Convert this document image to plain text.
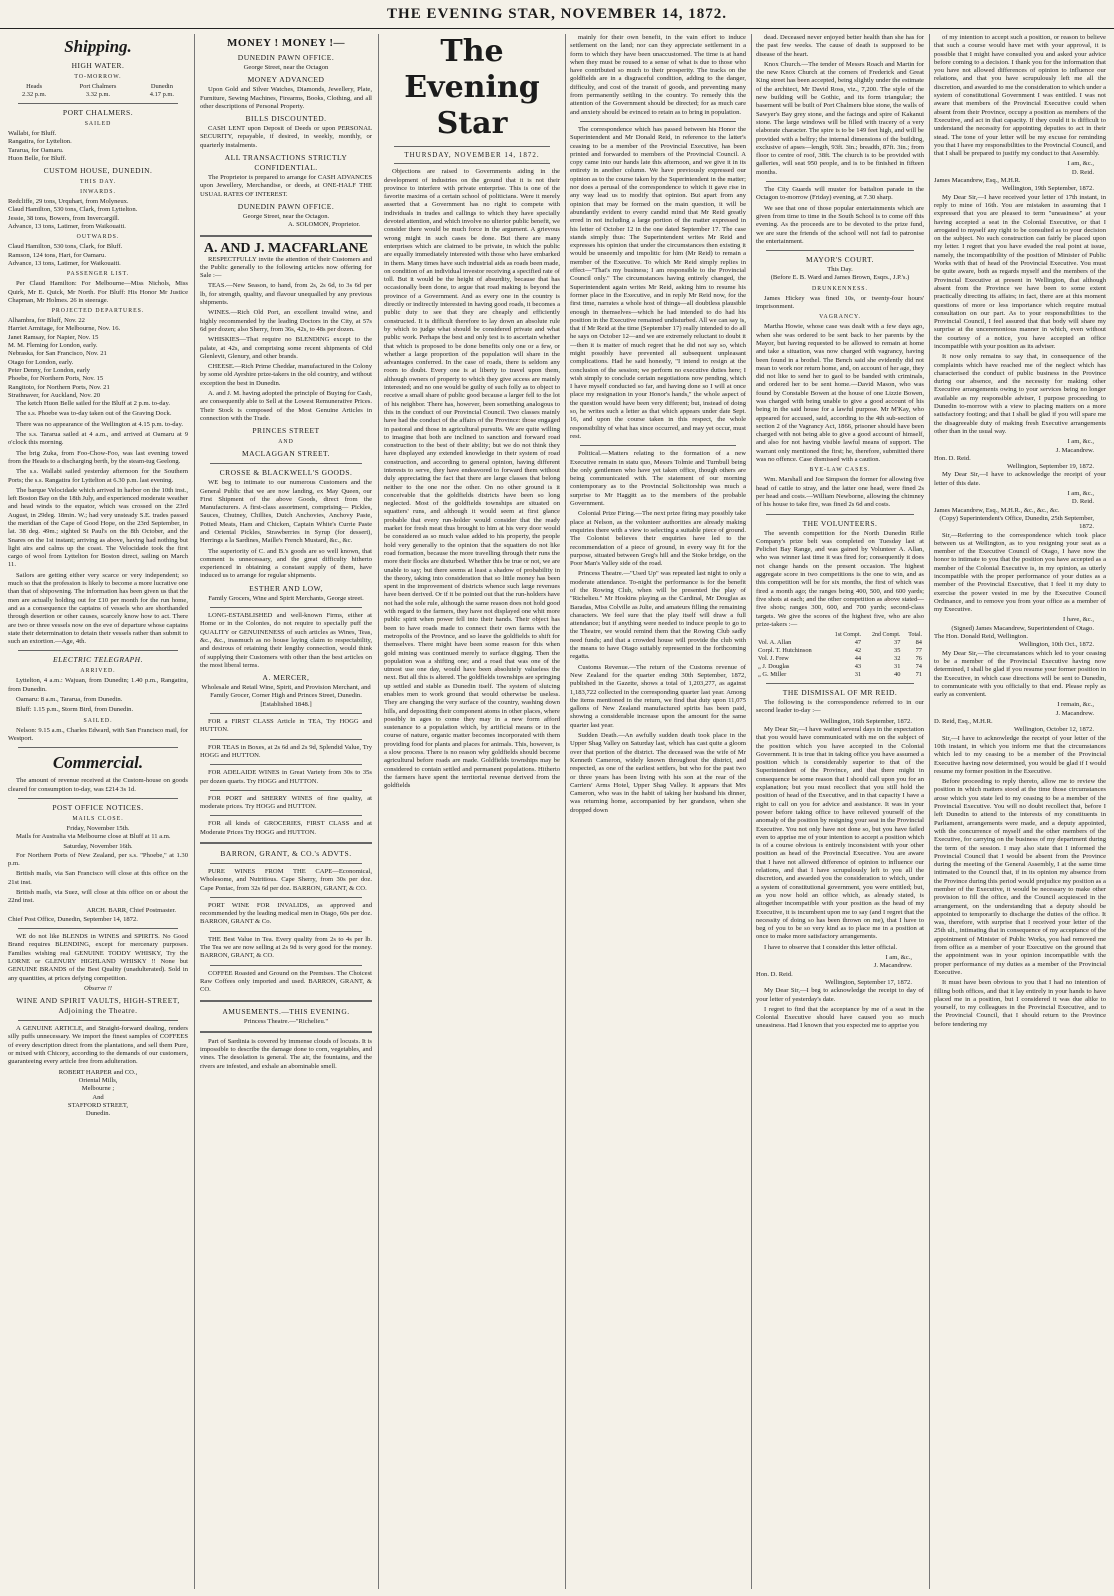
THE EVENING STAR, NOVEMBER 14, 1872.
Shipping.
HIGH WATER.
TO-MORROW.
Heads	Port Chalmers	Dunedin
2.32 p.m.	3.32 p.m.	4.17 p.m.
PORT CHALMERS.
SAILED
Wallabi, for Bluff.
Rangatira, for Lyttelton.
Tararua, for Oamaru.
Huon Belle, for Bluff.
CUSTOM HOUSE, DUNEDIN.
THIS DAY.
INWARDS.
Redcliffe, 29 tons, Urquhart, from Molyneux.
Claud Hamilton, 530 tons, Clark, from Lyttelton.
Jessie, 38 tons, Bowers, from Invercargill.
Advance, 13 tons, Latimer, from Waikouaiti.
OUTWARDS.
Claud Hamilton, 530 tons, Clark, for Bluff.
Ramson, 124 tons, Hart, for Oamaru.
Advance, 13 tons, Latimer, for Waikouaiti.
PASSENGER LIST.

Per Claud Hamilton: For Melbourne—Miss Nichols, Miss Quirk, Mr E. Quick, Mr North. For Bluff: His Honor Mr Justice Chapman, Mr Holmes. 26 in steerage.

PROJECTED DEPARTURES.
Alhambra, for Bluff, Nov. 22
Harriet Armitage, for Melbourne, Nov. 16.
Janet Ramsay, for Napier, Nov. 15
M. M. Fleming for London, early.
Nebraska, for San Francisco, Nov. 21
Otago for London, early.
Peter Denny, for London, early
Phoebe, for Northern Ports, Nov. 15
Rangitoto, for Northern Ports, Nov. 21
Strathnaver, for Auckland, Nov. 20

The ketch Huon Belle sailed for the Bluff at 2 p.m. to-day.

The s.s. Phoebe was to-day taken out of the Graving Dock.

There was no appearance of the Wellington at 4.15 p.m. to-day.

The s.s. Tararua sailed at 4 a.m., and arrived at Oamaru at 9 o'clock this morning.

The brig Zuka, from Foo-Chow-Foo, was last evening towed from the Heads to a discharging berth, by the steam-tug Geelong.

The s.s. Wallabi sailed yesterday afternoon for the Southern Ports; the s.s. Rangatira for Lyttelton at 6.30 p.m. last evening.

The barque Velocidade which arrived in harbor on the 10th inst., left Boston Bay on the 18th July, and experienced moderate weather and head winds to the equator, which was crossed on the 23rd August, in 29deg. 18min. W.; had very unsteady S.E. trades passed the meridian of the Cape of Good Hope, on the 23rd September, in lat. 38 deg. 49m.; sighted St Paul's on the 8th October, and the Snares on the 1st instant; arriving as above, having had nothing but light airs and calms up the coast. The Velocidade took the first cargo of wool from Lyttelton for Boston direct, sailing on March 11.

Sailors are getting either very scarce or very independent; so much so that the profession is likely to become a more lucrative one than that of shipowning. The information has been given us that the men are actually holding out for £10 per month for the run home, and as a consequence the captains of vessels who are shorthanded through desertion or other causes, scarcely know how to act. There are two or three vessels now on the eve of departure whose captains state their determination to detain their vessels rather than submit to such an extortion.—Age, 4th.

ELECTRIC TELEGRAPH.
ARRIVED.

Lyttelton, 4 a.m.: Wajuan, from Dunedin; 1.40 p.m., Rangatira, from Dunedin.

Oamaru: 8 a.m., Tararua, from Dunedin.

Bluff: 1.15 p.m., Storm Bird, from Dunedin.

SAILED.

Nelson: 9.15 a.m., Charles Edward, with San Francisco mail, for Westport.

Commercial.

The amount of revenue received at the Custom-house on goods cleared for consumption to-day, was £214 3s 1d.

POST OFFICE NOTICES.
MAILS CLOSE.
Friday, November 15th.

Mails for Australia via Melbourne close at Bluff at 11 a.m.

Saturday, November 16th.

For Northern Ports of New Zealand, per s.s. "Phoebe," at 1.30 p.m.

British mails, via San Francisco will close at this office on the 21st inst.

British mails, via Suez, will close at this office on or about the 22nd inst.

ARCH. BARR, Chief Postmaster.
Chief Post Office, Dunedin, September 14, 1872.

WE do not like BLENDS in WINES and SPIRITS. No Good Brand requires BLENDING, except for mercenary purposes. Families wishing real GENUINE TODDY WHISKY, Try the LORNE or GLENURY HIGHLAND WHISKY !! None but GENUINE BRANDS of the Best Quality (unadulterated). Sold in any quantities, at prices defying competition.

Observe !!
WINE AND SPIRIT VAULTS, HIGH-STREET, Adjoining the Theatre.

A GENUINE ARTICLE, and Straight-forward dealing, renders silly puffs unnecessary. We import the finest samples of COFFEES of every description direct from the plantations, and sell them Pure, or mixed with Chicory, according to the demands of our customers, guaranteeing every article free from adulteration.

ROBERT HARPER and CO.,
Oriental Mills,
Melbourne ;
And
STAFFORD STREET,
Dunedin.
MONEY ! MONEY !—
DUNEDIN PAWN OFFICE.
George Street, near the Octagon
MONEY ADVANCED

Upon Gold and Silver Watches, Diamonds, Jewellery, Plate, Furniture, Sewing Machines, Firearms, Books, Clothing, and all other descriptions of Personal Property.

BILLS DISCOUNTED.

CASH LENT upon Deposit of Deeds or upon PERSONAL SECURITY, repayable, if desired, in weekly, monthly, or quarterly instalments.

ALL TRANSACTIONS STRICTLY CONFIDENTIAL.

The Proprietor is prepared to arrange for CASH ADVANCES upon Jewellery, Merchandise, or deeds, at ONE-HALF THE USUAL RATES OF INTEREST.

DUNEDIN PAWN OFFICE.
George Street, near the Octagon.
A. SOLOMON, Proprietor.
A. AND J. MACFARLANE

RESPECTFULLY invite the attention of their Customers and the Public generally to the following articles now offering for Sale :—

TEAS.—New Season, to hand, from 2s, 2s 6d, to 3s 6d per lb, for strength, quality, and flavour unequalled by any previous shipments.

WINES.—Rich Old Port, an excellent invalid wine, and highly recommended by the leading Doctors in the City, at 57s 6d per dozen; also Sherry, from 36s, 42s, to 48s per dozen.

WHISKIES—That require no BLENDING except to the palate, at 42s, and comprising some recent shipments of Old Glenlevit, Glenury, and other brands.

CHEESE.—Rich Prime Cheddar, manufactured in the Colony by some old Ayrshire prize-takers in the old country, and without exception the best in Dunedin.

A. and J. M. having adopted the principle of Buying for Cash, are consequently able to Sell at the Lowest Remunerative Prices. Their Stock is composed of the Most Genuine Articles in connection with the Trade.

PRINCES STREET
AND
MACLAGGAN STREET.
CROSSE & BLACKWELL'S GOODS.

WE beg to intimate to our numerous Customers and the General Public that we are now landing, ex May Queen, our First Shipment of the above Goods, direct from the Manufacturers. A first-class assortment, comprising— Pickles, Sauces, Chutney, Chillies, Dutch Anchovies, Anchovy Paste, Potted Meats, Ham and Chicken, Captain White's Currie Paste and Oriental Pickles, Strawberries in Syrup (for dessert), Herrings a la Sardines, Maille's French Mustard, &c., &c.

The superiority of C. and B.'s goods are so well known, that comment is unnecessary, and the great difficulty hitherto experienced in obtaining a constant supply of them, have induced us to arrange for regular shipments.

ESTHER AND LOW,
Family Grocers, Wine and Spirit Merchants, George street.

LONG-ESTABLISHED and well-known Firms, either at Home or in the Colonies, do not require to specially puff the QUALITY or GENUINENESS of such articles as Wines, Teas, &c., &c., inasmuch as no house laying claim to respectability, and desirous of retaining their lengthy connection, would think of supplying their Customers with other than the best articles on the most liberal terms.

A. MERCER,
Wholesale and Retail Wine, Spirit, and Provision Merchant, and Family Grocer, Corner High and Princes Street, Dunedin.
[Established 1848.]

FOR a FIRST CLASS Article in TEA, Try HOGG and HUTTON.

FOR TEAS in Boxes, at 2s 6d and 2s 9d, Splendid Value, Try HOGG and HUTTON.

FOR ADELAIDE WINES in Great Variety from 30s to 35s per dozen quarts. Try HOGG and HUTTON.

FOR PORT and SHERRY WINES of fine quality, at moderate prices. Try HOGG and HUTTON.

FOR all kinds of GROCERIES, FIRST CLASS and at Moderate Prices Try HOGG and HUTTON.

BARRON, GRANT, & CO.'s ADVTS.

PURE WINES FROM THE CAPE—Economical, Wholesome, and Nutritious. Cape Sherry, from 30s per doz. Cape Pontac, from 32s 6d per doz. BARRON, GRANT, & CO.

PORT WINE FOR INVALIDS, as approved and recommended by the leading medical men in Otago, 60s per doz. BARRON, GRANT & Co.

THE Best Value in Tea. Every quality from 2s to 4s per lb. The Tea we are now selling at 2s 9d is very good for the money. BARRON, GRANT, & CO.

COFFEE Roasted and Ground on the Premises. The Choicest Raw Coffees only imported and used. BARRON, GRANT, & CO.

AMUSEMENTS.—THIS EVENING.
Princess Theatre.—"Richelieu."

Part of Sardinia is covered by immense clouds of locusts. It is impossible to describe the damage done to corn, vegetables, and vines. The desolation is general. The air, the fountains, and the rivers are infested, and exhale an abominable smell.

The Evening Star
THURSDAY, NOVEMBER 14, 1872.

Objections are raised to Governments aiding in the development of industries on the ground that it is not their province to interfere with private enterprise. This is one of the favorite maxims of a certain school of politicians. Were it merely asserted that a Government has no right to compete with individuals in trades and callings to which they have specially devoted attention, and which involve no ulterior public benefit, we consider there would be much force in the argument. A grievous wrong might in such cases be done. But there are many enterprises which are claimed to be private, in which the public are equally immediately interested with those who have embarked in them. Many times have such industrial aids as roads been made, on condition of an individual investor receiving a specified rate of toll. But it would be the height of absurdity, because that has occasionally been done, to argue that road making is beyond the province of a Government. And as every one in the country is directly or indirectly interested in having good roads, it becomes a public duty to see that they are cheaply and efficiently constructed. It is difficult therefore to lay down an absolute rule by which to judge what should be considered private and what public work. Perhaps the best and only test is to ascertain whether that which is proposed to be done benefits only one or a few, or whether a large proportion of the population will share in the advantages conferred. In the case of roads, there is seldom any room to doubt. Every one is at liberty to travel upon them, although owners of property to which they give access are mainly interested; and no one would be guilty of such folly as to object to receive a small share of public good because a larger fell to the lot of his neighbor. There has, however, been something analogous to this in the conduct of our Provincial Council. Two classes mainly have had the conduct of the affairs of the Province: those engaged in pastoral and those in agricultural pursuits. We are quite willing to imagine that both are inclined to sanction and forward road construction to the best of their ability; but we do not think they have displayed any extended knowledge in their system of road construction, and according to general opinion, having different interests to serve, they have endeavored to forward them without duly appreciating the fact that there are large classes that belong neither to the one nor the other. On no other ground is it conceivable that the goldfields districts have been so long neglected. Most of the goldfields townships are situated on squatters' runs, and although it would seem at first glance probable that every run-holder would consider that the ready market for fresh meat thus brought to him at his very door would be considered as so much value added to his property, the people hold very generally to the opinion that the squatters do not like road formation, because the more travelling through their runs the more their flocks are disturbed. Whether this be true or not, we are unable to say; but there seems at least a shadow of probability in the theory, taking into consideration that so little money has been spent in the improvement of districts whence such large revenues have been derived. Or if it be pointed out that the run-holders have not had the sole rule, although the same reason does not hold good with regard to the farmers, they have not displayed one whit more public spirit when power fell into their hands. Their object has been to have roads made to connect their own farms with the metropolis of the Province, and so leave the goldfields to shift for themselves. There might have been some reason for this when gold mining was continued merely to surface digging. Then the population was a shifting one; and a road that was one of the utmost use one day, would have been absolutely valueless the next. But all this is altered. The goldfields townships are springing up settled and stable as Dunedin itself. The system of sluicing enables men to work ground that would otherwise be useless. They are changing the very surface of the country, washing down hills, and depositing their component atoms in other places, where possibly in ages to come they may in a new form afford sustenance to a population which, by artificial means or in the course of nature, organic matter becomes incorporated with them providing food for plants and places for animals. This, however, is a slow process. There is no reason why goldfields should become agricultural before roads are made. Goldfields townships may be considered to contain settled and permanent populations. Hitherto the farmers have spent the territorial revenue derived from the goldfields

mainly for their own benefit, in the vain effort to induce settlement on the land; nor can they appreciate settlement in a form to which they have been unaccustomed. The time is at hand when they must be roused to a sense of what is due to those who have contributed so much to their prosperity. The tracks on the goldfields are in a disgraceful condition, adding to the danger, difficulty, and cost of the transit of goods, and preventing many from permanently settling in the country. To remedy this the attention of the Government should be directed; for as much care and anxiety should be evinced to retain as to bring in population.

The correspondence which has passed between his Honor the Superintendent and Mr Donald Reid, in reference to the latter's ceasing to be a member of the Provincial Executive, has been printed and forwarded to members of the Provincial Council. A copy came into our hands late this afternoon, and we give it in its entirety in another column. We have previously expressed our opinion as to the course taken by the Superintendent in the matter; nor does a perusal of the correspondence to which it gave rise in any way lead us to modify that opinion. But apart from any opinion that may be formed on the main question, it will be abundantly evident to every candid mind that Mr Reid greatly erred in not including a large portion of the matter expressed in his letter of October 12 in the one dated September 17. The case stands simply thus: The Superintendent writes Mr Reid and expresses his opinion that under the circumstances then existing it would be unseemly and impolitic for him (Mr Reid) to remain a member of the Executive. To which Mr Reid simply replies in effect—"That's my business; I am responsible to the Provincial Council only." The circumstances having entirely changed, the Superintendent again writes Mr Reid, asking him to resume his former place in the Executive, and in reply Mr Reid now, for the first time, narrates a whole host of things—all doubtless plausible enough in themselves—which he had intended to do had his position in the Executive remained undisturbed. All we can say is, that if Mr Reid at the time (September 17) really intended to do all he says on October 12—and we are extremely reluctant to doubt it—then it is matter of much regret that he did not say so, which might possibly have prevented all subsequent unpleasant complications. Had he said honestly, "I intend to resign at the conclusion of the session; we perform no executive duties here; I wish simply to conclude certain negotiations now pending, which I have myself conducted so far, and having done so I will at once place my resignation in your Honor's hands," the whole aspect of the question would have been very different; but, instead of doing so, he writes such a letter as that which appears under date Sept. 16, and upon the course taken in this respect, the whole responsibility of what has since occurred, and may yet occur, must rest.

Political.—Matters relating to the formation of a new Executive remain in statu quo, Messrs Tolmie and Turnbull being the only gentlemen who have yet taken office, though others are being communicated with. The statement of our morning contemporary as to the Provincial Solicitorship was much a surprise to Mr Haggitt as to the members of the probable Government.

Colonial Prize Firing.—The next prize firing may possibly take place at Nelson, as the volunteer authorities are already making enquiries there with a view to selecting a suitable piece of ground. The Colonist believes their enquiries have led to the recommendation of a piece of ground, in every way fit for the purpose, situated between Greg's hill and the Stoke bridge, on the Poor Man's Valley side of the road.

Princess Theatre.—"Used Up" was repeated last night to only a moderate attendance. To-night the performance is for the benefit of the Rowing Club, when will be presented the play of "Richelieu." Mr Hoskins playing as the Cardinal, Mr Douglas as Baradas, Miss Colville as Julie, and amateurs filling the remaining characters. We feel sure that the play itself will draw a full attendance; but if anything were needed to induce people to go to the Theatre, we would remind them that the Rowing Club sadly need funds; and that a crowded house will provide the club with the means to have Otago suitably represented in the forthcoming regatta.

Customs Revenue.—The return of the Customs revenue of New Zealand for the quarter ending 30th September, 1872, published in the Gazette, shows a total of 1,203,277, as against 1,183,722 collected in the corresponding quarter last year. Among the items mentioned in the return, we find that duty upon 11,075 gallons of New Zealand manufactured spirits has been paid, showing a considerable increase upon the amount for the same quarter last year.

Sudden Death.—An awfully sudden death took place in the Upper Shag Valley on Saturday last, which has cast quite a gloom over that portion of the district. The deceased was the wife of Mr Kenneth Cameron, widely known throughout the district, and respected, as one of the earliest settlers, but who for the past two or three years has been living with his son at the rear of the Carriers' Arms Hotel, Upper Shag Valley. It appears that Mrs Cameron, who was in the habit of taking her husband his dinner, was returning home, accompanied by her grandson, when she dropped down

dead. Deceased never enjoyed better health than she has for the past few weeks. The cause of death is supposed to be disease of the heart.

Knox Church.—The tender of Messrs Roach and Martin for the new Knox Church at the corners of Frederick and Great King street has been accepted, being slightly under the estimate of the architect, Mr David Ross, viz., 7,200. The style of the new building will be Gothic, and its form triangular; the basement will be built of Port Chalmers blue stone, the walls of Sawyer's Bay grey stone, and the facings and spire of Kakanui stone. The large windows will be filled with tracery of a very elaborate character. The spire is to be 149 feet high, and will be provided with a belfry; the internal dimensions of the building, exclusive of apses—length, 93ft. 3in.; breadth, 87ft. 3in.; from floor to centre of roof, 38ft. The church is to be provided with galleries, will seat 950 people, and is to be finished in fifteen months.

The City Guards will muster for battalion parade in the Octagon to-morrow (Friday) evening, at 7.30 sharp.

We see that one of those popular entertainments which are given from time to time in the South School is to come off this evening. As the proceeds are to be devoted to the prize fund, we are sure the friends of the school will not fail to patronise the entertainment.

MAYOR'S COURT.
This Day.
(Before E. B. Ward and James Brown, Esqrs., J.P.'s.)
DRUNKENNESS.

James Hickey was fined 10s, or twenty-four hours' imprisonment.

VAGRANCY.

Martha Howie, whose case was dealt with a few days ago, when she was ordered to be sent back to her parents by the Mayor, but having requested to be allowed to remain at home and take a situation, was now charged with vagrancy, having been found in a brothel. The Bench said she evidently did not mean to work nor return home, and, on account of her age, they did not like to send her to gaol to be banded with criminals, and ordered her to be sent home.—David Mason, who was found by Constable Bowen at the house of one Lizzie Bowen, was charged with being unable to give a good account of his being in the said house for a lawful purpose. Mr M'Kay, who appeared for accused, said, according to the 4th sub-section of section 2 of the Vagrancy Act, 1866, prisoner should have been charged with not being able to give a good account of himself, and also for not having visible lawful means of support. The warrant only mentioned the first; he, therefore, submitted there was no offence. Case dismissed with a caution.

BYE-LAW CASES.

Wm. Marshall and Joe Simpson the former for allowing five head of cattle to stray, and the latter one head, were fined 2s per head and costs.—William Newborne, allowing the chimney of his house to take fire, was fined 2s 6d and costs.

THE VOLUNTEERS.

The seventh competition for the North Dunedin Rifle Company's prize belt was completed on Tuesday last at Pelichet Bay Range, and was gained by Volunteer A. Allan, who was winner last time it was fired for; consequently it does not change hands on the present occasion. The highest aggregate score in two competitions is the one to win, and as this competition will be for six months, the first of which was fired a month ago; the ranges being 400, 500, and 600 yards; five shots at each; and the other competition as above stated—five shots; ranges 300, 600, and 700 yards; second-class targets. We give the scores of the highest five, who are also prize-takers :—

	1st Compt.	2nd Compt.	Total.
Vol. A. Allan	47	37	84
Corpl. T. Hutchinson	42	35	77
Vol. J. Frew	44	32	76
„ J. Douglas	43	31	74
„ G. Miller	31	40	71
THE DISMISSAL OF MR REID.

The following is the correspondence referred to in our second leader to-day :—

Wellington, 16th September, 1872.

My Dear Sir,—I have waited several days in the expectation that you would have communicated with me on the subject of the position which you have accepted in the Colonial Government. It is true that in taking office you have assumed a position which is considerably superior to that of the Superintendent of the Province, and that there might in consequence be some reason that I should call upon you for an explanation; but you must recollect that you still hold the position of head of the Executive, and in that capacity I have a right to call on you for advice and assistance. It was in your power before taking office to have relieved yourself of the anomaly of the position by resigning your seat in the Provincial Executive. You not only have not done so, but you have failed even to apprise me of your intention to accept a position which is of a course obvious is entirely inconsistent with your other position as head of the Provincial Executive. You are aware that I have not allowed difference of opinion to influence our relations, and that I have scrupulously left to you all the discretion, and awarded you the consideration to which, under a system of constitutional government, you were entitled; but, as you now hold an office which, as already stated, is altogether incompatible with your position as the head of my Executive, it is incumbent upon me to say (and I regret that the necessity of doing so has been thrown on me), that I have to beg of you to be so very kind as to place me in a position at once to make more satisfactory arrangements.

I have to observe that I consider this letter official.

I am, &c.,
J. Macandrew.
Hon. D. Reid.
Wellington, September 17, 1872.

My Dear Sir,—I beg to acknowledge the receipt to day of your letter of yesterday's date.

I regret to find that the acceptance by me of a seat in the Colonial Executive should have caused you so much uneasiness. Had I known that you expected me to apprise you

of my intention to accept such a position, or reason to believe that such a course would have met with your approval, it is possible that I might have consulted you and asked your advice before coming to a decision. I thank you for the information that you have not allowed differences of opinion to influence our relations, and that you have scrupulously left me all the discretion, and awarded to me the consideration to which under a system of constitutional Government I was entitled. I was not aware that members of the Provincial Executive could when absent from their Province, occupy a position as members of the Executive, and act in that capacity. If they could it is difficult to understand the necessity for appointing deputies to act in their stead. The tone of your letter will be my excuse for reminding you that I have my responsibilities to the Provincial Council, and that I shall be prepared to justify my conduct to that Assembly.

I am, &c.,
D. Reid.
James Macandrew, Esq., M.H.R.
Wellington, 19th September, 1872.

My Dear Sir,—I have received your letter of 17th instant, in reply to mine of 16th. You are mistaken in assuming that I expressed that you are pleased to term "uneasiness" at your having accepted a seat in the Colonial Executive, or that I arrogated to myself any right to be consulted as to your decision on the subject. No such construction can fairly be placed upon my letter. I regret that you have evaded the real point at issue, namely, the incompatibility of the position of Minister of Public Works with that of head of the Provincial Executive. You must be quite aware, both as regards myself and the members of the Provincial Executive at present in Wellington, that although absent from the Province we have been to some extent practically directing its affairs; in fact, there are at this moment questions of more or less importance which require mutual consultation on our part. As to your responsibilities to the Provincial Council, I feel assured that that body will share my surprise at the unceremonious manner in which, even without the courtesy of a notice, you have accepted an office incompatible with your position as its adviser.

It now only remains to say that, in consequence of the complaints which have reached me of the neglect which has characterised the conduct of public business in the Province during our absence, and the necessity for making other Executive arrangements owing to your services being no longer available as my responsible adviser, I purpose proceeding to Dunedin to-morrow with a view to placing matters on a more satisfactory footing; and that I shall be glad if you will spare me the disagreeable duty of making fresh Executive arrangements other than in the usual way.

I am, &c.,
J. Macandrew.
Hon. D. Reid.
Wellington, September 19, 1872.

My Dear Sir,—I have to acknowledge the receipt of your letter of this date.

I am, &c.,
D. Reid.
James Macandrew, Esq., M.H.R., &c., &c., &c.
(Copy) Superintendent's Office, Dunedin, 25th September, 1872.

Sir,—Referring to the correspondence which took place between us at Wellington, as to you resigning your seat as a member of the Executive Council of Otago, I have now the honor to intimate to you that the position you have accepted as a member of the Colonial Executive is, in my opinion, as utterly incompatible with the proper performance of your duties as a member of the Provincial Executive, that I feel it my duty to exercise the power vested in me by the Executive Council Ordinance, and to remove you from your office as a member of my Executive.

I have, &c.,
(Signed) James Macandrew, Superintendent of Otago.
The Hon. Donald Reid, Wellington.
Wellington, 10th Oct., 1872.

My Dear Sir,—The circumstances which led to your ceasing to be a member of the Provincial Executive having now determined, I shall be glad if you resume your former position in the Executive, in which case directions will be sent to Dunedin, to communicate with you officially to that end. Please reply as early as convenient.

I remain, &c.,
J. Macandrew.
D. Reid, Esq., M.H.R.
Wellington, October 12, 1872.

Sir,—I have to acknowledge the receipt of your letter of the 10th instant, in which you inform me that the circumstances which led to my ceasing to be a member of the Provincial Executive having now determined, you would be glad if I would resume my former position in the Executive.

Before proceeding to reply thereto, allow me to review the position in which matters stood at the time those circumstances arose which you state led to my ceasing to be a member of the Provincial Executive. You will no doubt recollect that, before I left Dunedin to attend to the interests of my constituents in Parliament, arrangements were made, and a deputy appointed, with the concurrence of myself and the other members of the Executive, for carrying on the business of my department during the term of the session. I may also state that I informed the Provincial Council that I would be absent from the Province during the meeting of the General Assembly, I at the same time intimated to the Council that, if in its opinion my absence from the Province during this period would prejudice my position as a member of the Executive, it would be necessary to make other provision to fill the office, and the Council acquiesced in the arrangement, on the understanding that a deputy should be appointed to temporarily to discharge the duties of the office. It was, therefore, with surprise that I received your letter of the 25th ult., intimating that in consequence of my acceptance of the appointment of Minister of Public Works, you had removed me from office as a member of your Executive on the ground that the appointment was in your opinion incompatible with the proper performance of my duties as a member of the Provincial Executive.

It must have been obvious to you that I had no intention of filling both offices, and that it lay entirely in your hands to have placed me in a position, but I considered it was due alike to yourself, to my colleagues in the Provincial Executive, and to the Provincial Council, that I should return to the Province before tendering my
